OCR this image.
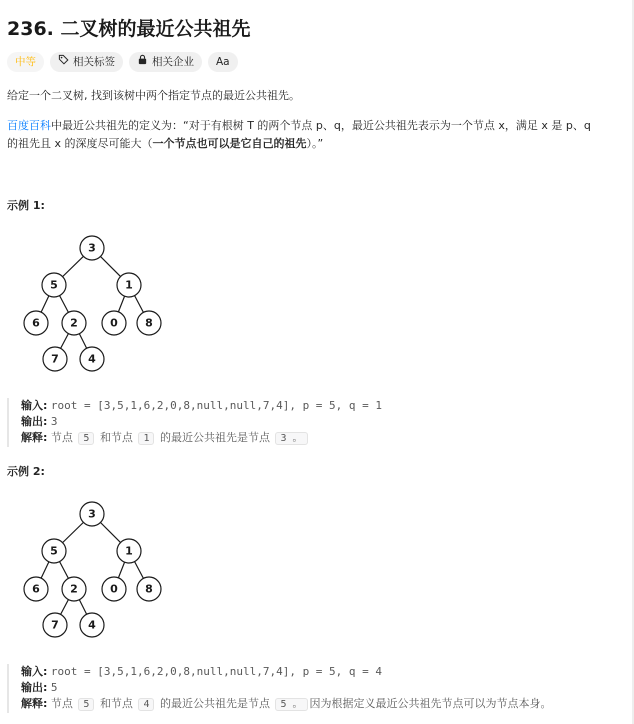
236. 二叉树的最近公共祖先
中等	相关标签	相关企业 Aa
给定一个二叉树, 找到该树中两个指定节点的最近公共祖先。
百度百科中最近公共祖先的定义为：“对于有根树 T 的两个节点 p、q，最近公共祖先表示为一个节点 x，满足 x 是 p、q
的祖先且 x 的深度尽可能大（一个节点也可以是它自己的祖先）。”
示例 1:
3
5	1
6	2	0 8
7	4
输入: root = [3,5,1,6,2,0,8,null,null,7,4], p = 5, q = 1
输出: 3
解释: 节点 5 和节点 1 的最近公共祖先是节点 3 。
示例 2:
3
5	1
6	2	0 8
7	4
输入: root = [3,5,1,6,2,0,8,null,null,7,4], p = 5, q = 4
输出: 5
解释: 节点 5 和节点 4 的最近公共祖先是节点 5 。 因为根据定义最近公共祖先节点可以为节点本身。
